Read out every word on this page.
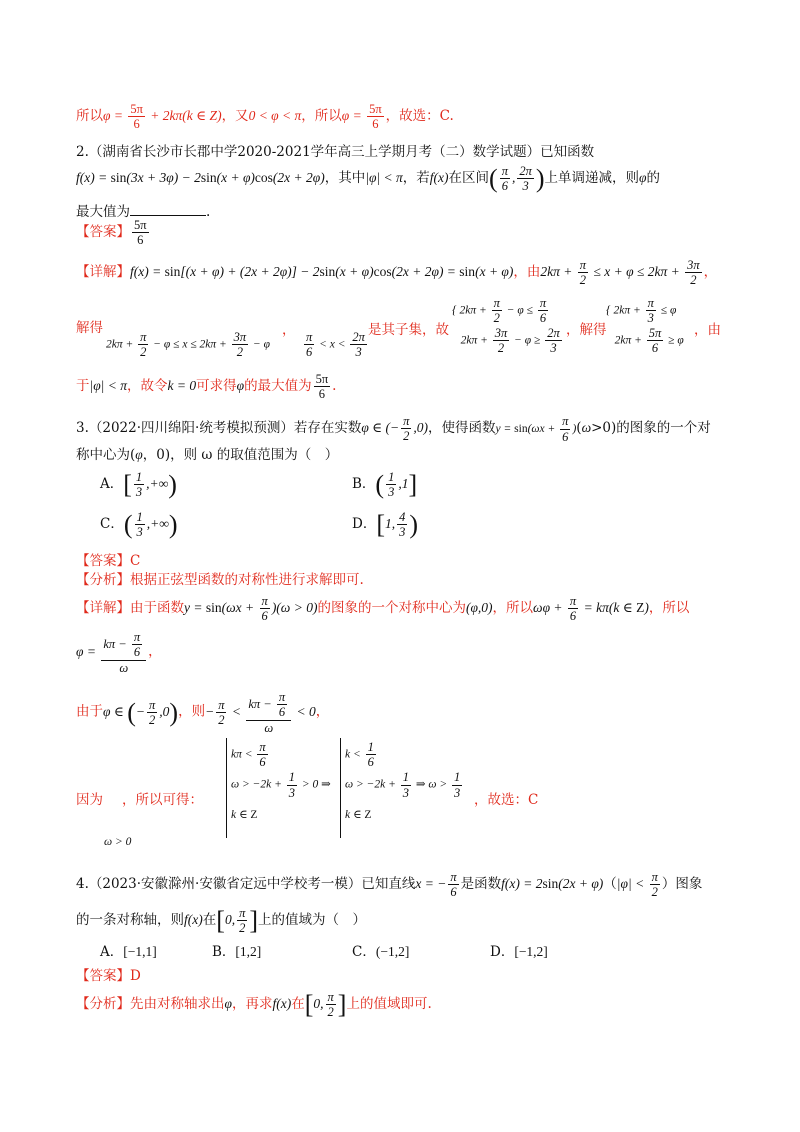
所以$\varphi = \frac{5\pi}{6} + 2k\pi(k$ ∈ Z)，又0 < φ < π，所以$\varphi = \frac{5\pi}{6}$ ，故选：C.
2.（湖南省长沙市长郡中学2020-2021学年高三上学期月考（二）数学试题）已知函数
f(x) = sin(3x + 3φ) − 2sin(x + φ)cos(2x + 2φ)，其中|φ| < π，若f(x)在区间( $\frac{\pi}{6}$ , $\frac{2\pi}{3}$ )上单调递减，则φ的
最大值为	.
【答案】 $\frac{5\pi}{6}$
【详解】f(x) = sin[(x + φ) + (2x + 2φ)] − 2sin(x + φ)cos(2x + 2φ) = sin(x + φ)，由$2k\pi + \frac{\pi}{2} \le x + \varphi \le 2k\pi + \frac{3\pi}{2}$ ，
解得
$2k\pi + \frac{\pi}{2} - \varphi \le x \le 2k\pi + \frac{3\pi}{2} - \varphi$
， $\frac{\pi}{6} < x < \frac{2\pi}{3}$ 是其子集，故
{ $2k\pi + \frac{\pi}{2} - \varphi \le \frac{\pi}{6}$

$2k\pi + \frac{3\pi}{2} - \varphi \ge \frac{2\pi}{3}$ ，解得
{ $2k\pi + \frac{\pi}{3} \le \varphi$
$2k\pi + \frac{5\pi}{6} \ge \varphi$
，由
于|φ| < π，故令k = 0可求得φ的最大值为 $\frac{5\pi}{6}$ .
3.（2022·四川绵阳·统考模拟预测）若存在实数φ ∈ (− $\frac{\pi}{2} ,0$)，使得函数$y = \sin(\omega x + \frac{\pi}{6} )(\omega>0)$的图象的一个对
称中心为(φ，0)，则 ω 的取值范围为（　）
A．[ $\frac{1}{3}$ ,+∞)	B．( $\frac{1}{3} ,1$]
C．( $\frac{1}{3}$ ,+∞)	D．[1, $\frac{4}{3}$ )
【答案】C
【分析】根据正弦型函数的对称性进行求解即可.
【详解】由于函数$y = \sin(\omega x + \frac{\pi}{6} )(\omega > 0)$的图象的一个对称中心为(φ,0)，所以$\omega\varphi + \frac{\pi}{6} = k\pi(k$ ∈ Z)，所以
$\varphi = \frac{k\pi - \frac{\pi}{6}}{\omega}$ ，
由于φ ∈ (− $\frac{\pi}{2} ,0$)，则− $\frac{\pi}{2} < \frac{k\pi - \frac{\pi}{6}}{\omega} < 0$，
因为 ，所以可得：
ω > 0
$k\pi < \frac{\pi}{6}$

$\omega > -2k + \frac{1}{3} > 0$ ⇒
k ∈ Z
$k < \frac{1}{6}$

$\omega > -2k + \frac{1}{3}$ ⇒ $\omega > \frac{1}{3}$

k ∈ Z
，故选：C
4.（2023·安徽滁州·安徽省定远中学校考一模）已知直线x = − $\frac{\pi}{6}$ 是函数$f(x) = 2\sin(2x + \varphi)(|\varphi| < \frac{\pi}{2}$ ）图象
的一条对称轴，则f(x)在[0, $\frac{\pi}{2}$ ]上的值域为（　）
A．[−1,1]	B．[1,2]	C．(−1,2]	D．[−1,2]
【答案】D
【分析】先由对称轴求出φ，再求f(x)在[0, $\frac{\pi}{2}$ ]上的值域即可.
